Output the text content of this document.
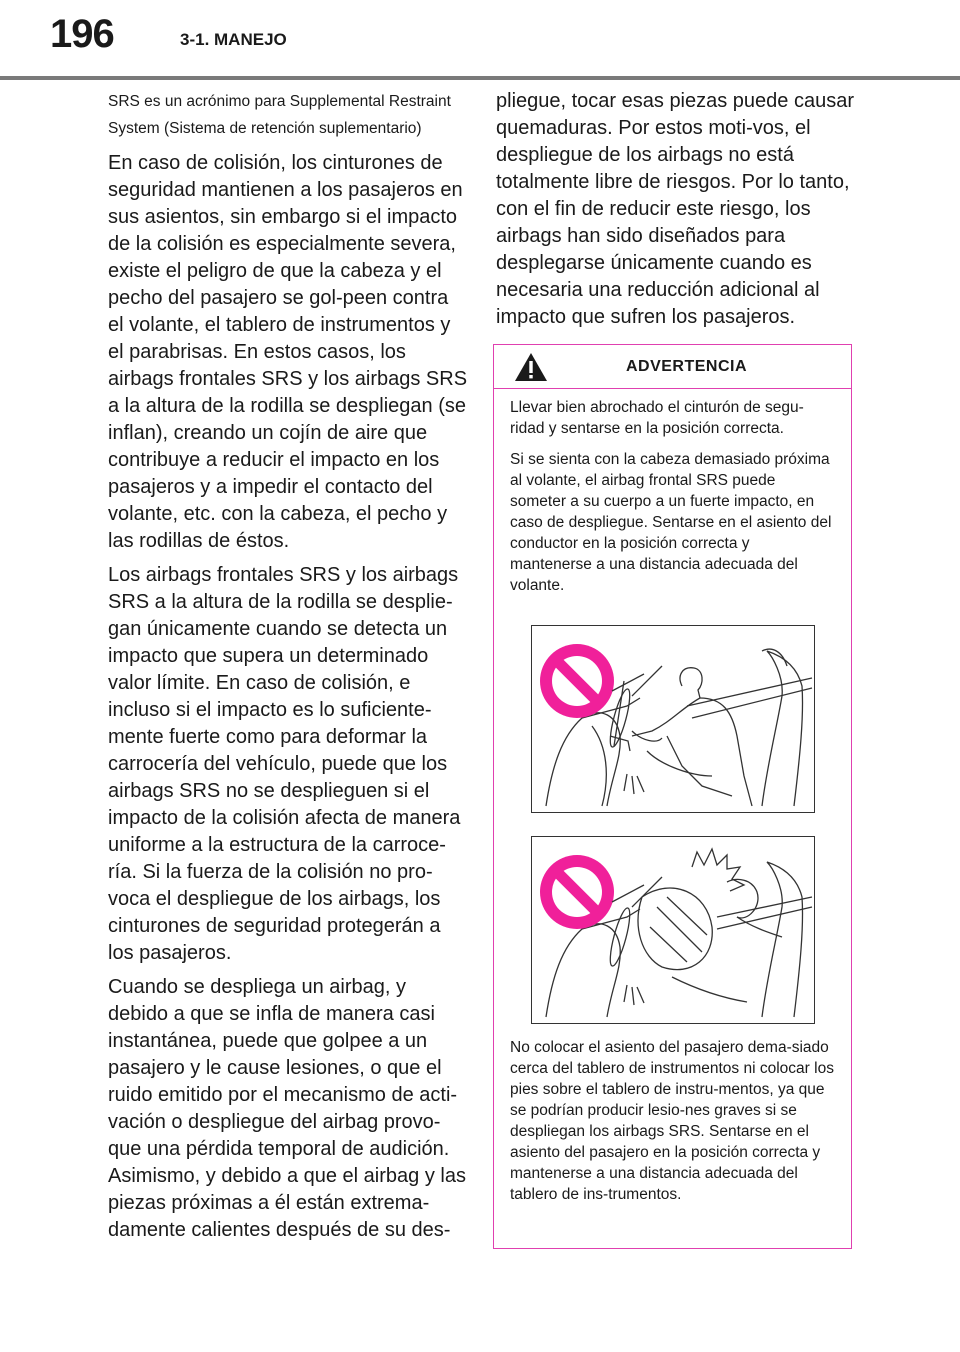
196	3-1. MANEJO

SRS es un acrónimo para Supplemental Restraint System (Sistema de retención suplementario)

En caso de colisión, los cinturones de seguridad mantienen a los pasajeros en sus asientos, sin embargo si el impacto de la colisión es especialmente severa, existe el peligro de que la cabeza y el pecho del pasajero se gol-peen contra el volante, el tablero de instrumentos y el parabrisas. En estos casos, los airbags frontales SRS y los airbags SRS a la altura de la rodilla se despliegan (se inflan), creando un cojín de aire que contribuye a reducir el impacto en los pasajeros y a impedir el contacto del volante, etc. con la cabeza, el pecho y las rodillas de éstos.

Los airbags frontales SRS y los airbags SRS a la altura de la rodilla se desplie-gan únicamente cuando se detecta un impacto que supera un determinado valor límite. En caso de colisión, e incluso si el impacto es lo suficiente-mente fuerte como para deformar la carrocería del vehículo, puede que los airbags SRS no se desplieguen si el impacto de la colisión afecta de manera uniforme a la estructura de la carroce-ría. Si la fuerza de la colisión no pro-voca el despliegue de los airbags, los cinturones de seguridad protegerán a los pasajeros.

Cuando se despliega un airbag, y debido a que se infla de manera casi instantánea, puede que golpee a un pasajero y le cause lesiones, o que el ruido emitido por el mecanismo de acti-vación o despliegue del airbag provo-que una pérdida temporal de audición. Asimismo, y debido a que el airbag y las piezas próximas a él están extrema-damente calientes después de su des-

pliegue, tocar esas piezas puede causar quemaduras. Por estos moti-vos, el despliegue de los airbags no está totalmente libre de riesgos. Por lo tanto, con el fin de reducir este riesgo, los airbags han sido diseñados para desplegarse únicamente cuando es necesaria una reducción adicional al impacto que sufren los pasajeros.

ADVERTENCIA

Llevar bien abrochado el cinturón de segu-ridad y sentarse en la posición correcta.

Si se sienta con la cabeza demasiado próxima al volante, el airbag frontal SRS puede someter a su cuerpo a un fuerte impacto, en caso de despliegue. Sentarse en el asiento del conductor en la posición correcta y mantenerse a una distancia adecuada del volante.

No colocar el asiento del pasajero dema-siado cerca del tablero de instrumentos ni colocar los pies sobre el tablero de instru-mentos, ya que se podrían producir lesio-nes graves si se despliegan los airbags SRS. Sentarse en el asiento del pasajero en la posición correcta y mantenerse a una distancia adecuada del tablero de ins-trumentos.
